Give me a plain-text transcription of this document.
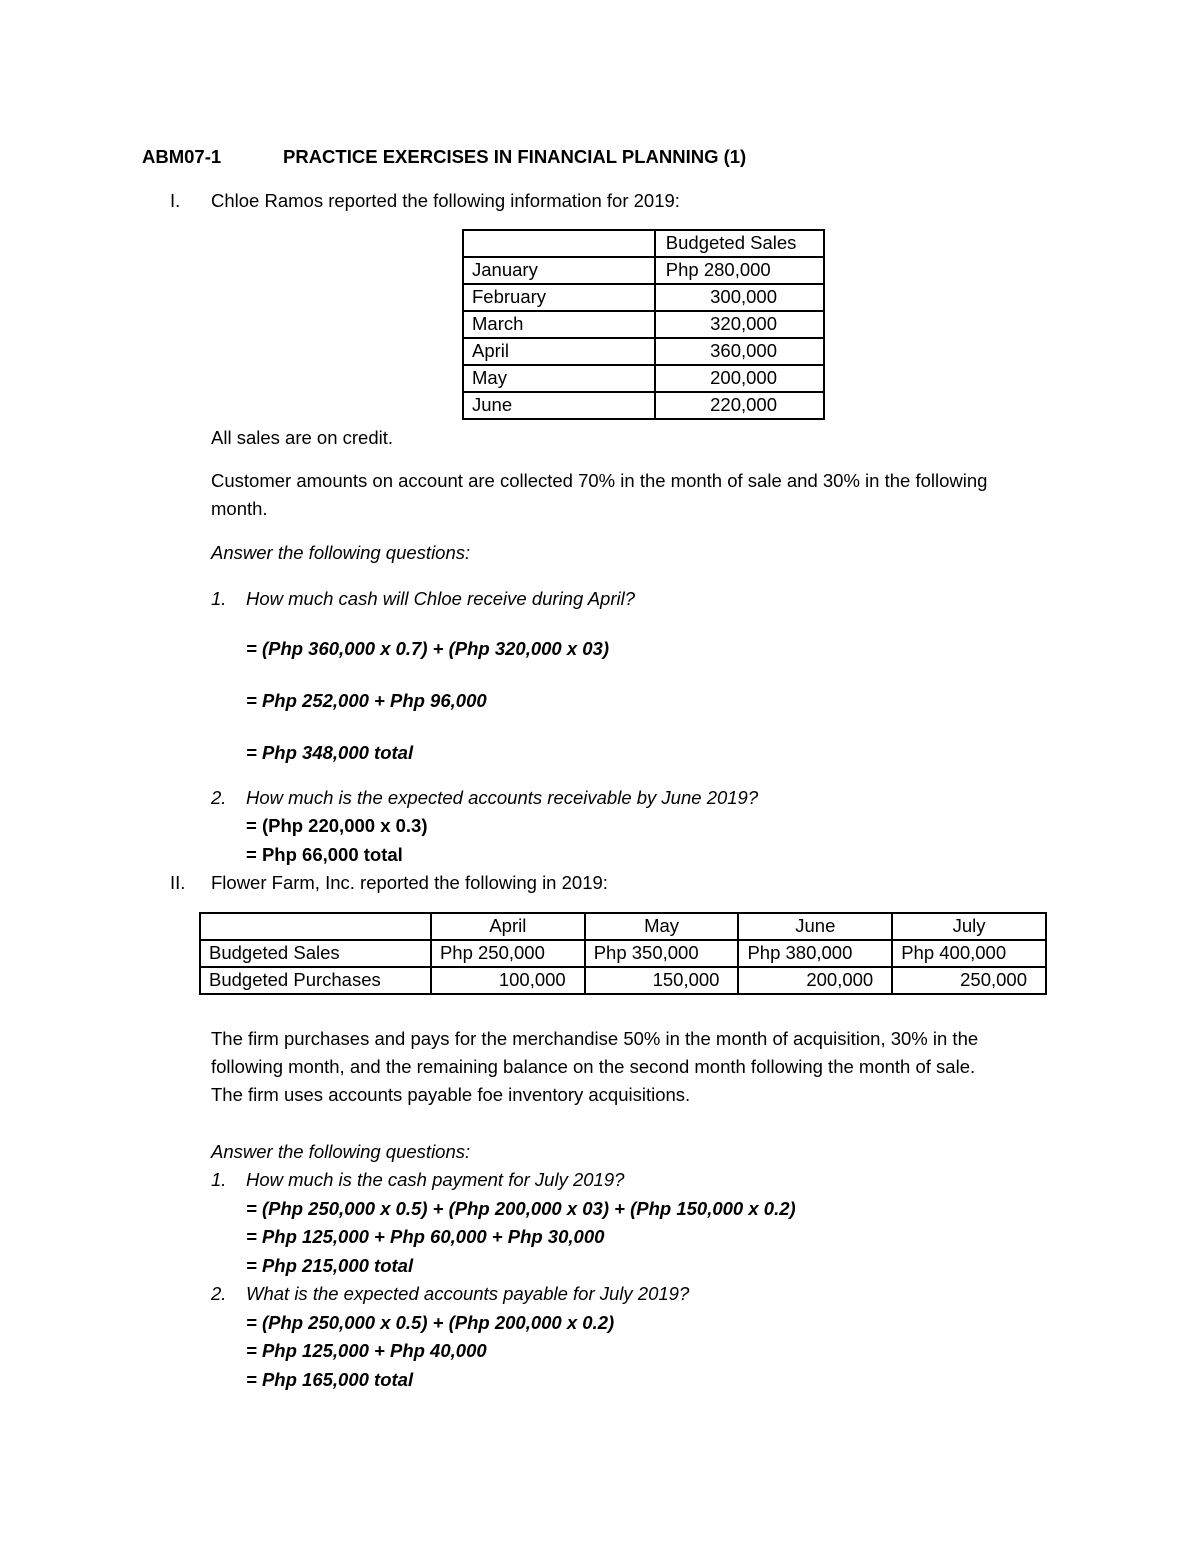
ABM07-1	PRACTICE EXERCISES IN FINANCIAL PLANNING (1)
I. Chloe Ramos reported the following information for 2019:
	Budgeted Sales
January	Php 280,000
February	300,000
March	320,000
April	360,000
May	200,000
June	220,000
All sales are on credit.
Customer amounts on account are collected 70% in the month of sale and 30% in the following
month.
Answer the following questions:
1. How much cash will Chloe receive during April?
= (Php 360,000 x 0.7) + (Php 320,000 x 03)
= Php 252,000 + Php 96,000
= Php 348,000 total
2. How much is the expected accounts receivable by June 2019?
= (Php 220,000 x 0.3)
= Php 66,000 total
II. Flower Farm, Inc. reported the following in 2019:
	April	May	June	July
Budgeted Sales	Php 250,000	Php 350,000	Php 380,000	Php 400,000
Budgeted Purchases	100,000	150,000	200,000	250,000
The firm purchases and pays for the merchandise 50% in the month of acquisition, 30% in the
following month, and the remaining balance on the second month following the month of sale.
The firm uses accounts payable foe inventory acquisitions.
Answer the following questions:
1. How much is the cash payment for July 2019?
= (Php 250,000 x 0.5) + (Php 200,000 x 03) + (Php 150,000 x 0.2)
= Php 125,000 + Php 60,000 + Php 30,000
= Php 215,000 total
2. What is the expected accounts payable for July 2019?
= (Php 250,000 x 0.5) + (Php 200,000 x 0.2)
= Php 125,000 + Php 40,000
= Php 165,000 total
